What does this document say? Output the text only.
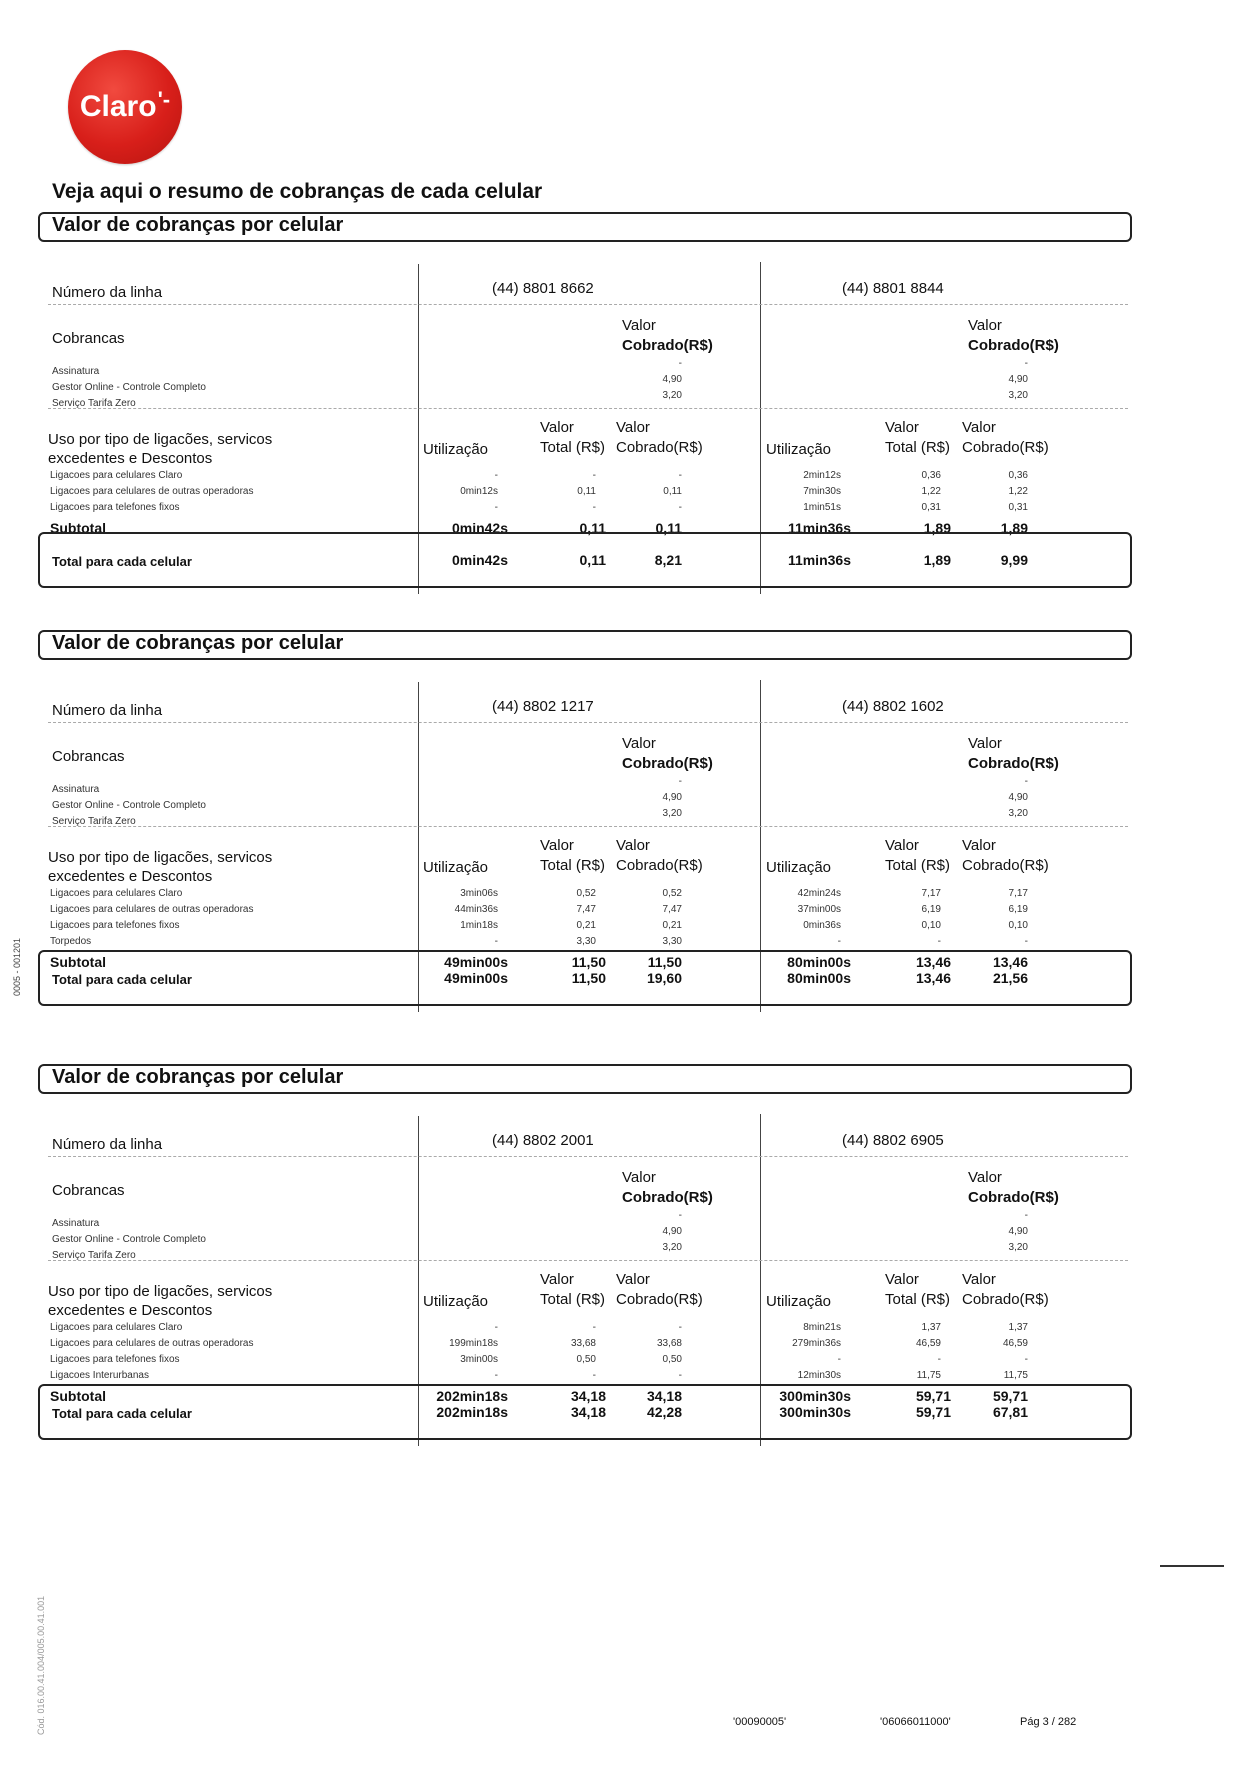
Claro ʹ-
Veja aqui o resumo de cobranças de cada celular
Valor de cobranças por celular
Número da linha	(44) 8801 8662	(44) 8801 8844
Cobrancas
Valor
Cobrado(R$)
Valor
Cobrado(R$)
Assinatura
-	-
Gestor Online - Controle Completo
4,90	4,90
Serviço Tarifa Zero
3,20	3,20
Uso por tipo de ligacões, servicos
excedentes e Descontos
Utilização
Valor
Total (R$)
Valor
Cobrado(R$)	Utilização
Valor
Total (R$)
Valor
Cobrado(R$)
Ligacoes para celulares Claro	-	-	-	2min12s	0,36	0,36
Ligacoes para celulares de outras operadoras	0min12s	0,11	0,11	7min30s	1,22	1,22
Ligacoes para telefones fixos	-	-	-	1min51s	0,31	0,31
Subtotal	0min42s	0,11	0,11	11min36s	1,89	1,89
Total para cada celular	0min42s	0,11	8,21	11min36s	1,89	9,99
Valor de cobranças por celular
Número da linha	(44) 8802 1217	(44) 8802 1602
Cobrancas
Valor
Cobrado(R$)
Valor
Cobrado(R$)
Assinatura
-	-
Gestor Online - Controle Completo
4,90	4,90
Serviço Tarifa Zero
3,20	3,20
Uso por tipo de ligacões, servicos
excedentes e Descontos
Utilização
Valor
Total (R$)
Valor
Cobrado(R$)	Utilização
Valor
Total (R$)
Valor
Cobrado(R$)
Ligacoes para celulares Claro	3min06s	0,52	0,52	42min24s	7,17	7,17
Ligacoes para celulares de outras operadoras	44min36s	7,47	7,47	37min00s	6,19	6,19
Ligacoes para telefones fixos	1min18s	0,21	0,21	0min36s	0,10	0,10
Torpedos	-	3,30	3,30	-	-	-
Subtotal	49min00s	11,50	11,50	80min00s	13,46	13,46
Total para cada celular	49min00s	11,50	19,60	80min00s	13,46	21,56
Valor de cobranças por celular
Número da linha	(44) 8802 2001	(44) 8802 6905
Cobrancas
Valor
Cobrado(R$)
Valor
Cobrado(R$)
Assinatura
-	-
Gestor Online - Controle Completo
4,90	4,90
Serviço Tarifa Zero
3,20	3,20
Uso por tipo de ligacões, servicos
excedentes e Descontos
Utilização
Valor
Total (R$)
Valor
Cobrado(R$)	Utilização
Valor
Total (R$)
Valor
Cobrado(R$)
Ligacoes para celulares Claro	-	-	-	8min21s	1,37	1,37
Ligacoes para celulares de outras operadoras	199min18s	33,68	33,68	279min36s	46,59	46,59
Ligacoes para telefones fixos	3min00s	0,50	0,50	-	-	-
Ligacoes Interurbanas	-	-	-	12min30s	11,75	11,75
Subtotal	202min18s	34,18	34,18	300min30s	59,71	59,71
Total para cada celular	202min18s	34,18	42,28	300min30s	59,71	67,81
'00090005'	'06066011000'	Pág 3 / 282
0005 - 001201
Cód. 016.00.41.004/005.00.41.001
